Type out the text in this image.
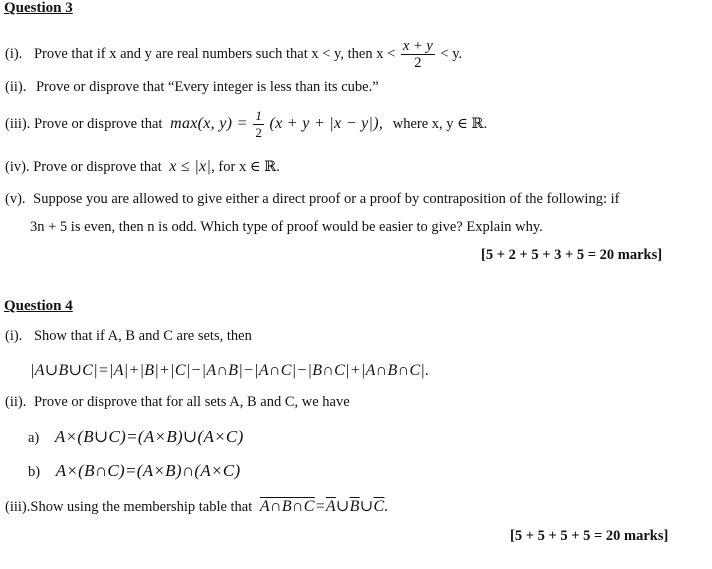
Question 3
(i). Prove that if x and y are real numbers such that x < y, then $x < \frac{x + y}{2} < y$.
(ii). Prove or disprove that “Every integer is less than its cube.”
(iii). Prove or disprove that max(x, $y) = \frac{1}{2} (x + y + |x - y|)$, where x, y ∈ ℝ.
(iv). Prove or disprove that x ≤ |x|, for x ∈ ℝ.
(v). Suppose you are allowed to give either a direct proof or a proof by contraposition of the following: if
3n + 5 is even, then n is odd. Which type of proof would be easier to give? Explain why.
[5 + 2 + 5 + 3 + 5 = 20 marks]
Question 4
(i). Show that if A, B and C are sets, then
|A∪B∪C|=|A|+|B|+|C|−|A∩B|−|A∩C|−|B∩C|+|A∩B∩C|.
(ii). Prove or disprove that for all sets A, B and C, we have
a) A×(B∪C)=(A×B)∪(A×C)
b) A×(B∩C)=(A×B)∩(A×C)
(iii).Show using the membership table that $A\cap B\cap C=\overline{A}\cup\overline{B}\cup\overline{C}$.
[5 + 5 + 5 + 5 = 20 marks]
